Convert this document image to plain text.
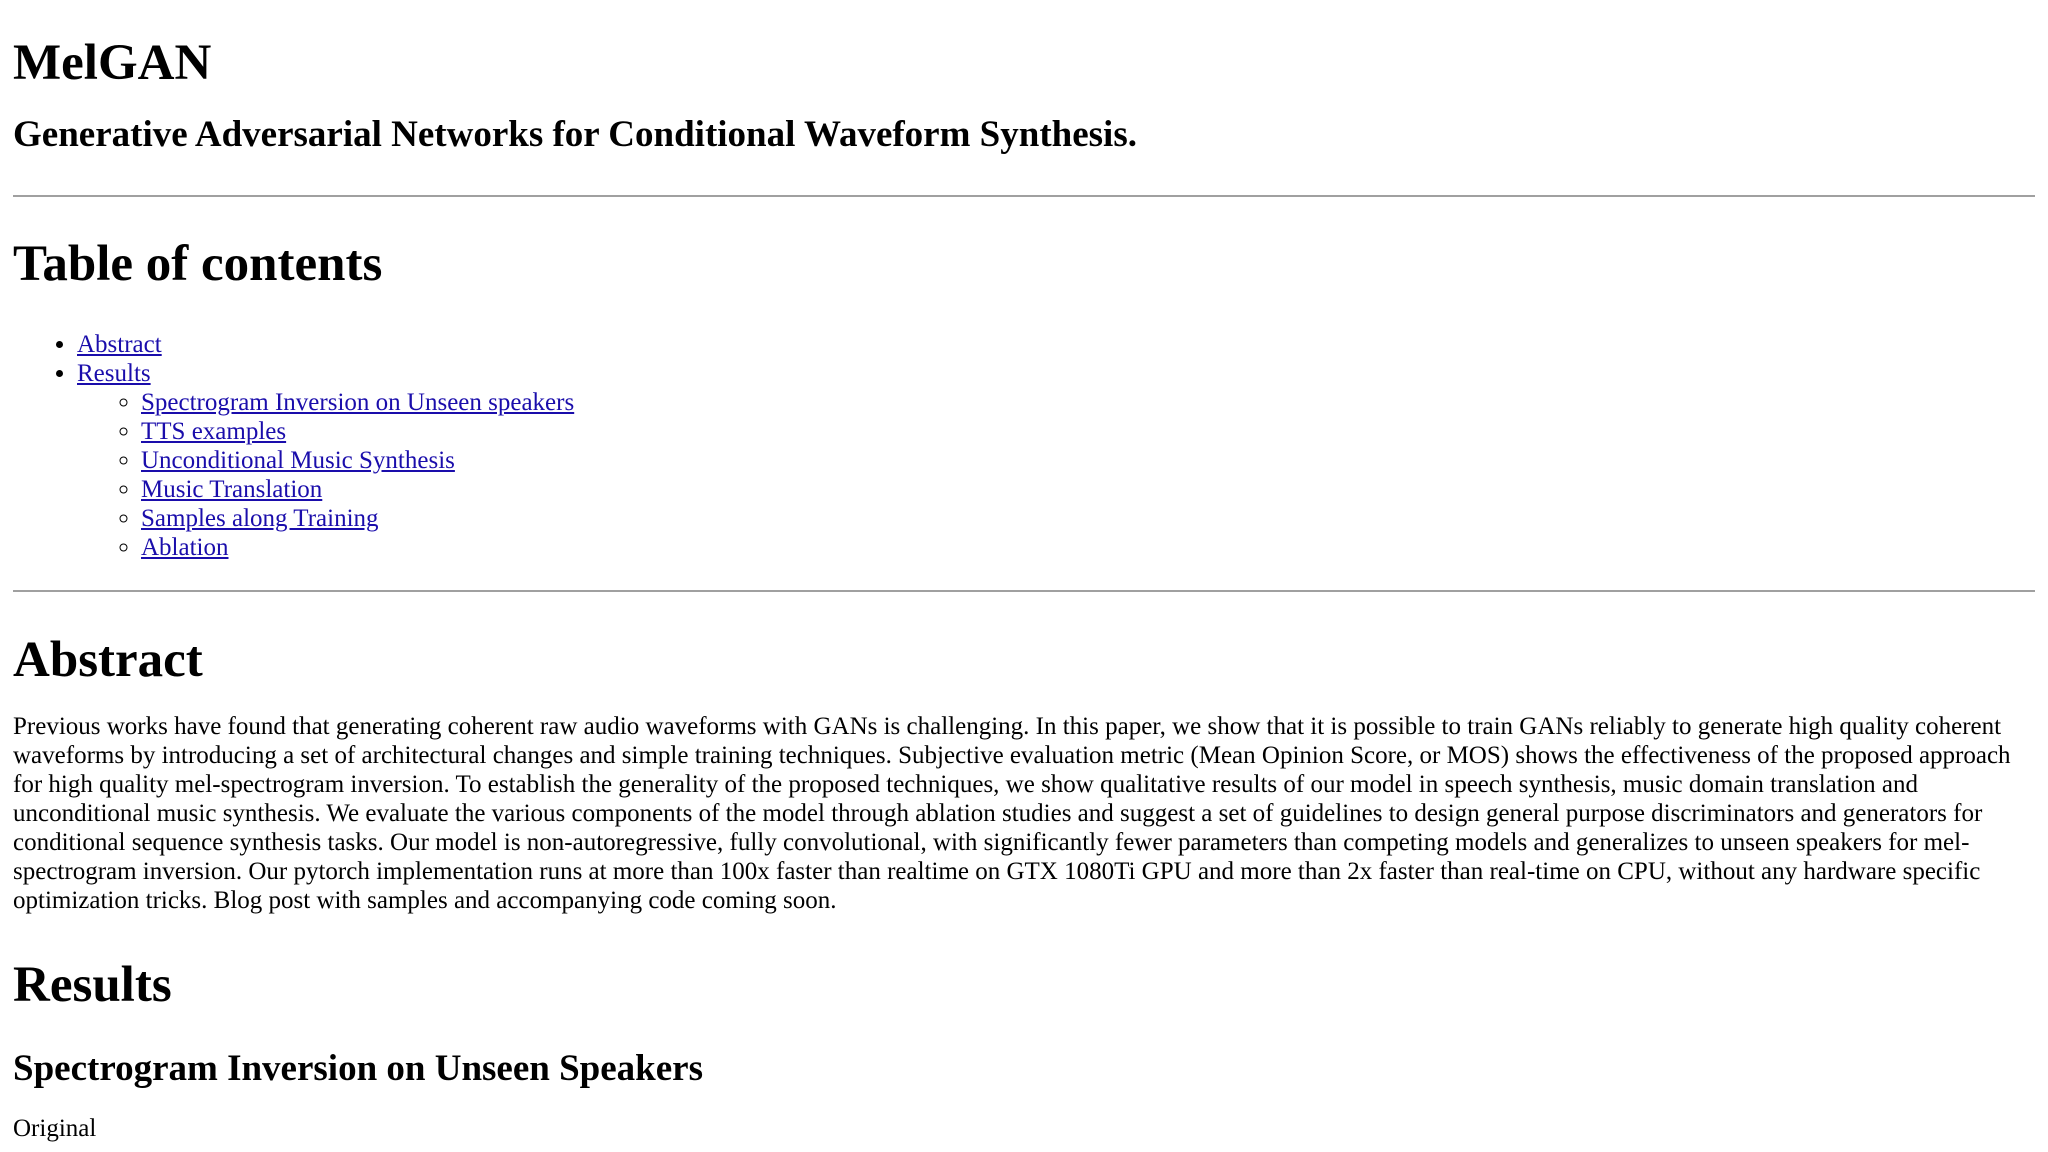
MelGAN
Generative Adversarial Networks for Conditional Waveform Synthesis.
Table of contents
• Abstract
• Results
◦ Spectrogram Inversion on Unseen speakers
◦ TTS examples
◦ Unconditional Music Synthesis
◦ Music Translation
◦ Samples along Training
◦ Ablation
Abstract

Previous works have found that generating coherent raw audio waveforms with GANs is challenging. In this paper, we show that it is possible to train GANs reliably to generate high quality coherent waveforms by introducing a set of architectural changes and simple training techniques. Subjective evaluation metric (Mean Opinion Score, or MOS) shows the effectiveness of the proposed approach for high quality mel-spectrogram inversion. To establish the generality of the proposed techniques, we show qualitative results of our model in speech synthesis, music domain translation and unconditional music synthesis. We evaluate the various components of the model through ablation studies and suggest a set of guidelines to design general purpose discriminators and generators for conditional sequence synthesis tasks. Our model is non-autoregressive, fully convolutional, with significantly fewer parameters than competing models and generalizes to unseen speakers for mel-spectrogram inversion. Our pytorch implementation runs at more than 100x faster than realtime on GTX 1080Ti GPU and more than 2x faster than real-time on CPU, without any hardware specific optimization tricks. Blog post with samples and accompanying code coming soon.

Results
Spectrogram Inversion on Unseen Speakers

Original
